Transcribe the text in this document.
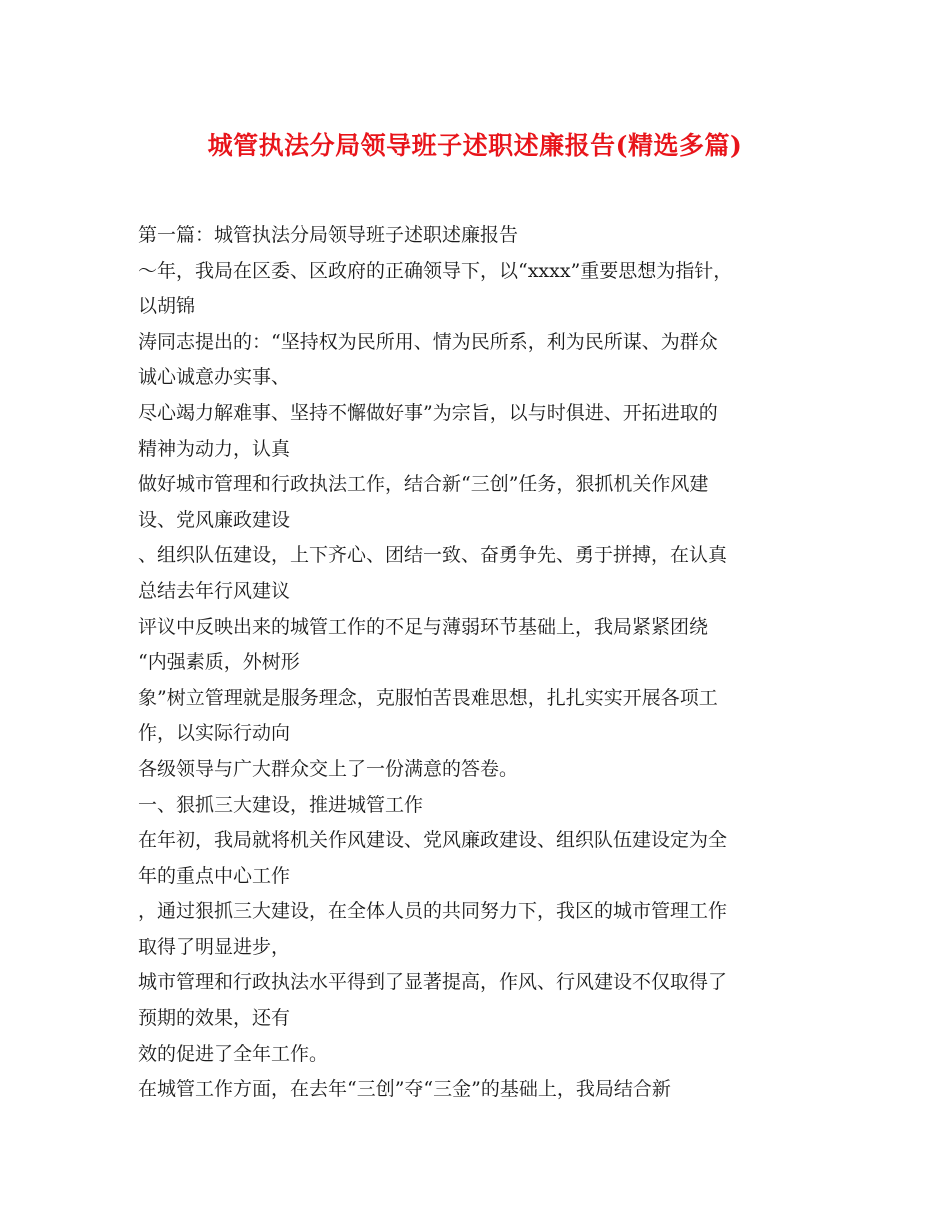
城管执法分局领导班子述职述廉报告(精选多篇)
第一篇：城管执法分局领导班子述职述廉报告
～年，我局在区委、区政府的正确领导下，以“xxxx”重要思想为指针，
以胡锦
涛同志提出的：“坚持权为民所用、情为民所系，利为民所谋、为群众
诚心诚意办实事、
尽心竭力解难事、坚持不懈做好事”为宗旨，以与时俱进、开拓进取的
精神为动力，认真
做好城市管理和行政执法工作，结合新“三创”任务，狠抓机关作风建
设、党风廉政建设
、组织队伍建设，上下齐心、团结一致、奋勇争先、勇于拼搏，在认真
总结去年行风建议
评议中反映出来的城管工作的不足与薄弱环节基础上，我局紧紧团绕
“内强素质，外树形
象”树立管理就是服务理念，克服怕苦畏难思想，扎扎实实开展各项工
作，以实际行动向
各级领导与广大群众交上了一份满意的答卷。
一、狠抓三大建设，推进城管工作
在年初，我局就将机关作风建设、党风廉政建设、组织队伍建设定为全
年的重点中心工作
，通过狠抓三大建设，在全体人员的共同努力下，我区的城市管理工作
取得了明显进步，
城市管理和行政执法水平得到了显著提高，作风、行风建设不仅取得了
预期的效果，还有
效的促进了全年工作。
在城管工作方面，在去年“三创”夺“三金”的基础上，我局结合新
